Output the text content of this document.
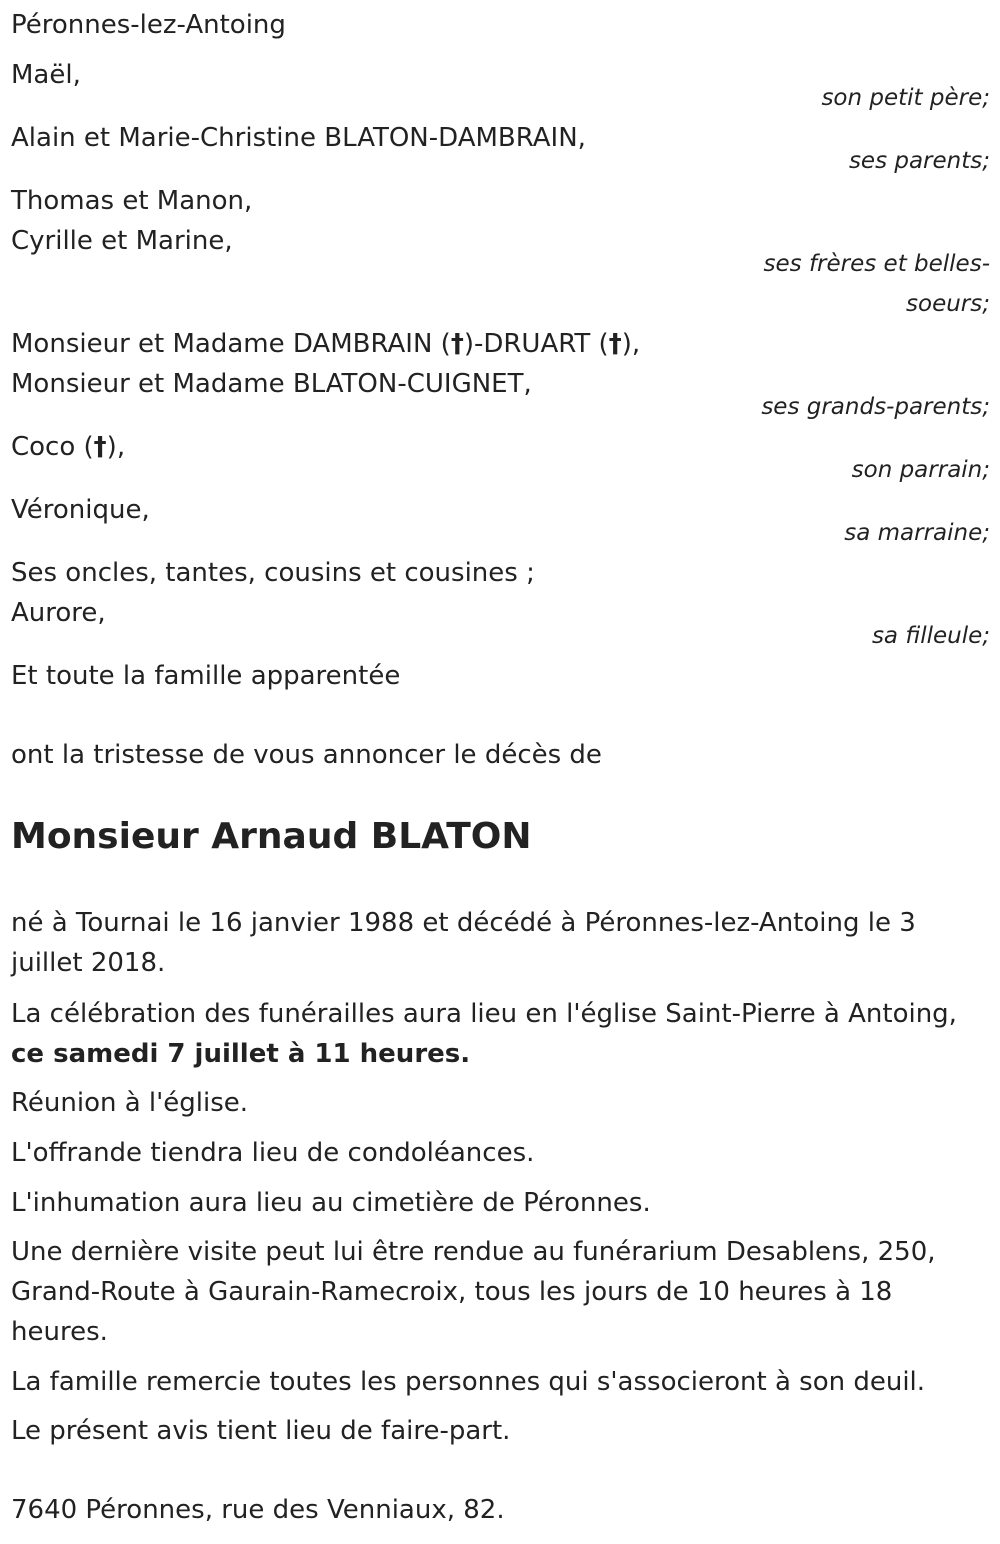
Péronnes-lez-Antoing
Maël,
son petit père;
Alain et Marie-Christine BLATON-DAMBRAIN,
ses parents;
Thomas et Manon,
Cyrille et Marine,
ses frères et belles-
soeurs;
Monsieur et Madame DAMBRAIN (†)-DRUART (†),
Monsieur et Madame BLATON-CUIGNET,
ses grands-parents;
Coco (†),
son parrain;
Véronique,
sa marraine;
Ses oncles, tantes, cousins et cousines ;
Aurore,
sa filleule;
Et toute la famille apparentée
ont la tristesse de vous annoncer le décès de
Monsieur Arnaud BLATON
né à Tournai le 16 janvier 1988 et décédé à Péronnes-lez-Antoing le 3 juillet 2018.
La célébration des funérailles aura lieu en l'église Saint-Pierre à Antoing, ce samedi 7 juillet à 11 heures.
Réunion à l'église.
L'offrande tiendra lieu de condoléances.
L'inhumation aura lieu au cimetière de Péronnes.
Une dernière visite peut lui être rendue au funérarium Desablens, 250, Grand-Route à Gaurain-Ramecroix, tous les jours de 10 heures à 18 heures.
La famille remercie toutes les personnes qui s'associeront à son deuil.
Le présent avis tient lieu de faire-part.
7640 Péronnes, rue des Venniaux, 82.
